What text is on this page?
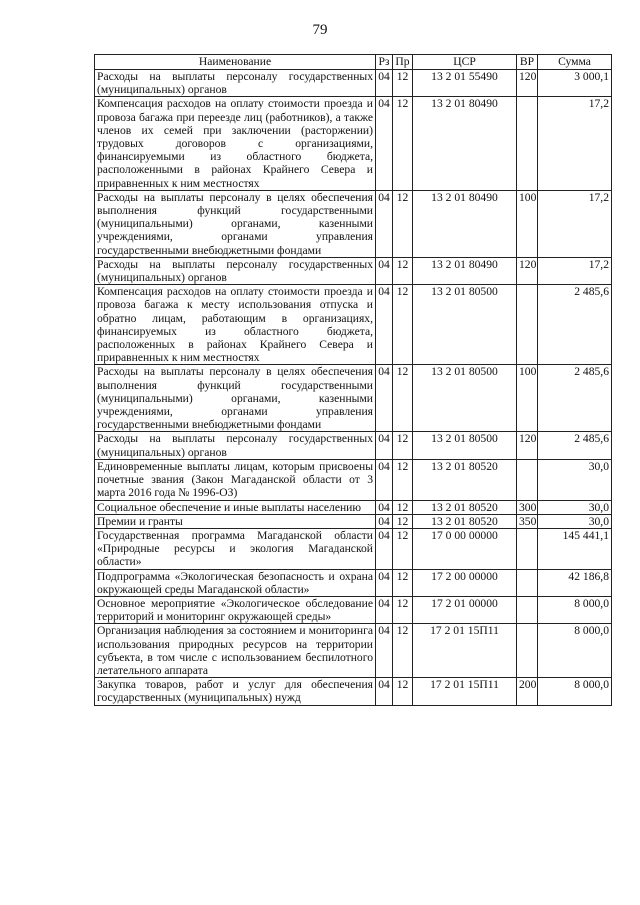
79
Наименование	Рз	Пр	ЦСР	ВР	Сумма
Расходы на выплаты персоналу государственных (муниципальных) органов	04	12	13 2 01 55490	120	3 000,1
Компенсация расходов на оплату стоимости проезда и провоза багажа при переезде лиц (работников), а также членов их семей при заключении (расторжении) трудовых договоров с организациями, финансируемыми из областного бюджета, расположенными в районах Крайнего Севера и приравненных к ним местностях	04	12	13 2 01 80490		17,2
Расходы на выплаты персоналу в целях обеспечения выполнения функций государственными (муниципальными) органами, казенными учреждениями, органами управления государственными внебюджетными фондами	04	12	13 2 01 80490	100	17,2
Расходы на выплаты персоналу государственных (муниципальных) органов	04	12	13 2 01 80490	120	17,2
Компенсация расходов на оплату стоимости проезда и провоза багажа к месту использования отпуска и обратно лицам, работающим в организациях, финансируемых из областного бюджета, расположенных в районах Крайнего Севера и приравненных к ним местностях	04	12	13 2 01 80500		2 485,6
Расходы на выплаты персоналу в целях обеспечения выполнения функций государственными (муниципальными) органами, казенными учреждениями, органами управления государственными внебюджетными фондами	04	12	13 2 01 80500	100	2 485,6
Расходы на выплаты персоналу государственных (муниципальных) органов	04	12	13 2 01 80500	120	2 485,6
Единовременные выплаты лицам, которым присвоены почетные звания (Закон Магаданской области от 3 марта 2016 года № 1996-ОЗ)	04	12	13 2 01 80520		30,0
Социальное обеспечение и иные выплаты населению	04	12	13 2 01 80520	300	30,0
Премии и гранты	04	12	13 2 01 80520	350	30,0
Государственная программа Магаданской области «Природные ресурсы и экология Магаданской области»	04	12	17 0 00 00000		145 441,1
Подпрограмма «Экологическая безопасность и охрана окружающей среды Магаданской области»	04	12	17 2 00 00000		42 186,8
Основное мероприятие «Экологическое обследование территорий и мониторинг окружающей среды»	04	12	17 2 01 00000		8 000,0
Организация наблюдения за состоянием и мониторинга использования природных ресурсов на территории субъекта, в том числе с использованием беспилотного летательного аппарата	04	12	17 2 01 15П11		8 000,0
Закупка товаров, работ и услуг для обеспечения государственных (муниципальных) нужд	04	12	17 2 01 15П11	200	8 000,0
